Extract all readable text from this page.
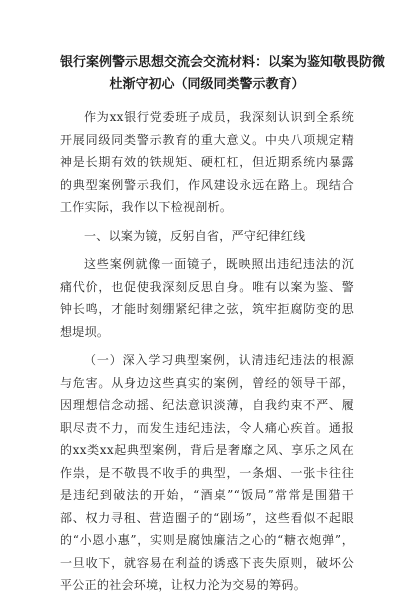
银行案例警示思想交流会交流材料：以案为鉴知敬畏防微
杜渐守初心（同级同类警示教育）

作为xx银行党委班子成员，我深刻认识到全系统开展同级同类警示教育的重大意义。中央八项规定精神是长期有效的铁规矩、硬杠杠，但近期系统内暴露的典型案例警示我们，作风建设永远在路上。现结合工作实际，我作以下检视剖析。

一、以案为镜，反躬自省，严守纪律红线

这些案例就像一面镜子，既映照出违纪违法的沉痛代价，也促使我深刻反思自身。唯有以案为鉴、警钟长鸣，才能时刻绷紧纪律之弦，筑牢拒腐防变的思想堤坝。

（一）深入学习典型案例，认清违纪违法的根源与危害。从身边这些真实的案例，曾经的领导干部，因理想信念动摇、纪法意识淡薄，自我约束不严、履职尽责不力，而发生违纪违法，令人痛心疾首。通报的xx类xx起典型案例，背后是奢靡之风、享乐之风在作祟，是不敬畏不收手的典型，一条烟、一张卡往往是违纪到破法的开始，“酒桌”“饭局”常常是围猎干部、权力寻租、营造圈子的“剧场”，这些看似不起眼的“小恩小惠”，实则是腐蚀廉洁之心的“糖衣炮弹”，一旦收下，就容易在利益的诱惑下丧失原则，破坏公平公正的社会环境，让权力沦为交易的筹码。
